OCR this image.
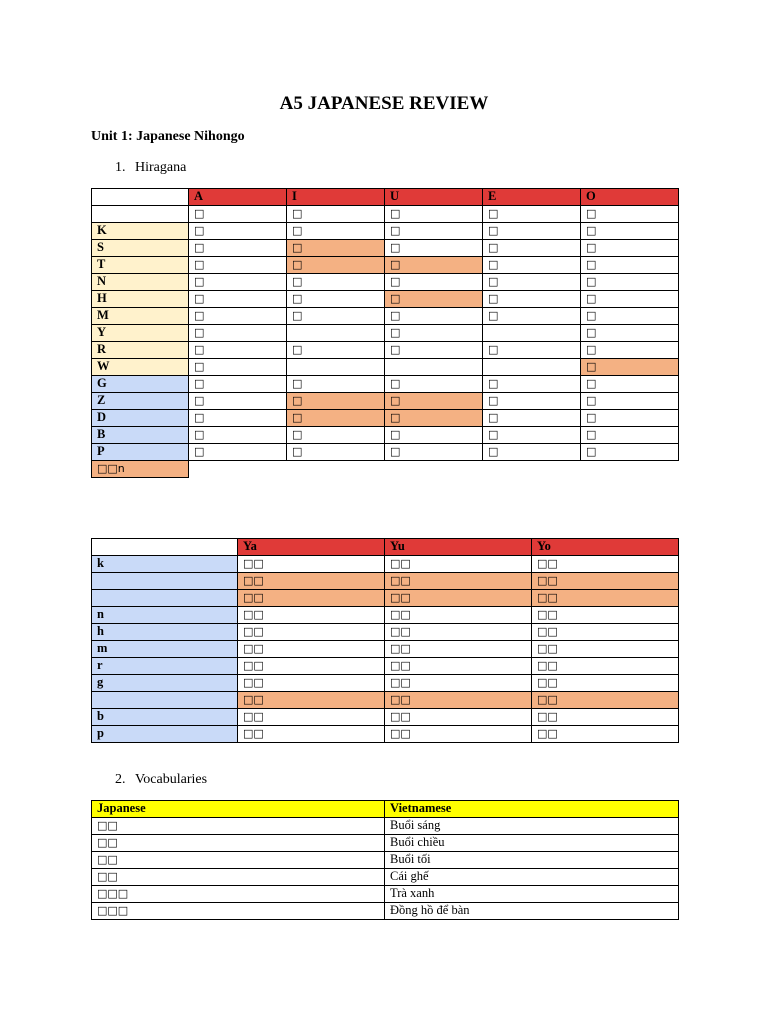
A5 JAPANESE REVIEW
Unit 1: Japanese Nihongo
1. Hiragana
	A	I	U	E	O
	□	□	□	□	□
K	□	□	□	□	□
S	□	□	□	□	□
T	□	□	□	□	□
N	□	□	□	□	□
H	□	□	□	□	□
M	□	□	□	□	□
Y	□		□		□
R	□	□	□	□	□
W	□				□
G	□	□	□	□	□
Z	□	□	□	□	□
D	□	□	□	□	□
B	□	□	□	□	□
P	□	□	□	□	□
□□n					
	Ya	Yu	Yo
k	□□	□□	□□
	□□	□□	□□
	□□	□□	□□
n	□□	□□	□□
h	□□	□□	□□
m	□□	□□	□□
r	□□	□□	□□
g	□□	□□	□□
	□□	□□	□□
b	□□	□□	□□
p	□□	□□	□□
2. Vocabularies
Japanese	Vietnamese
□□	Buổi sáng
□□	Buổi chiều
□□	Buổi tối
□□	Cái ghế
□□□	Trà xanh
□□□	Đồng hồ để bàn
